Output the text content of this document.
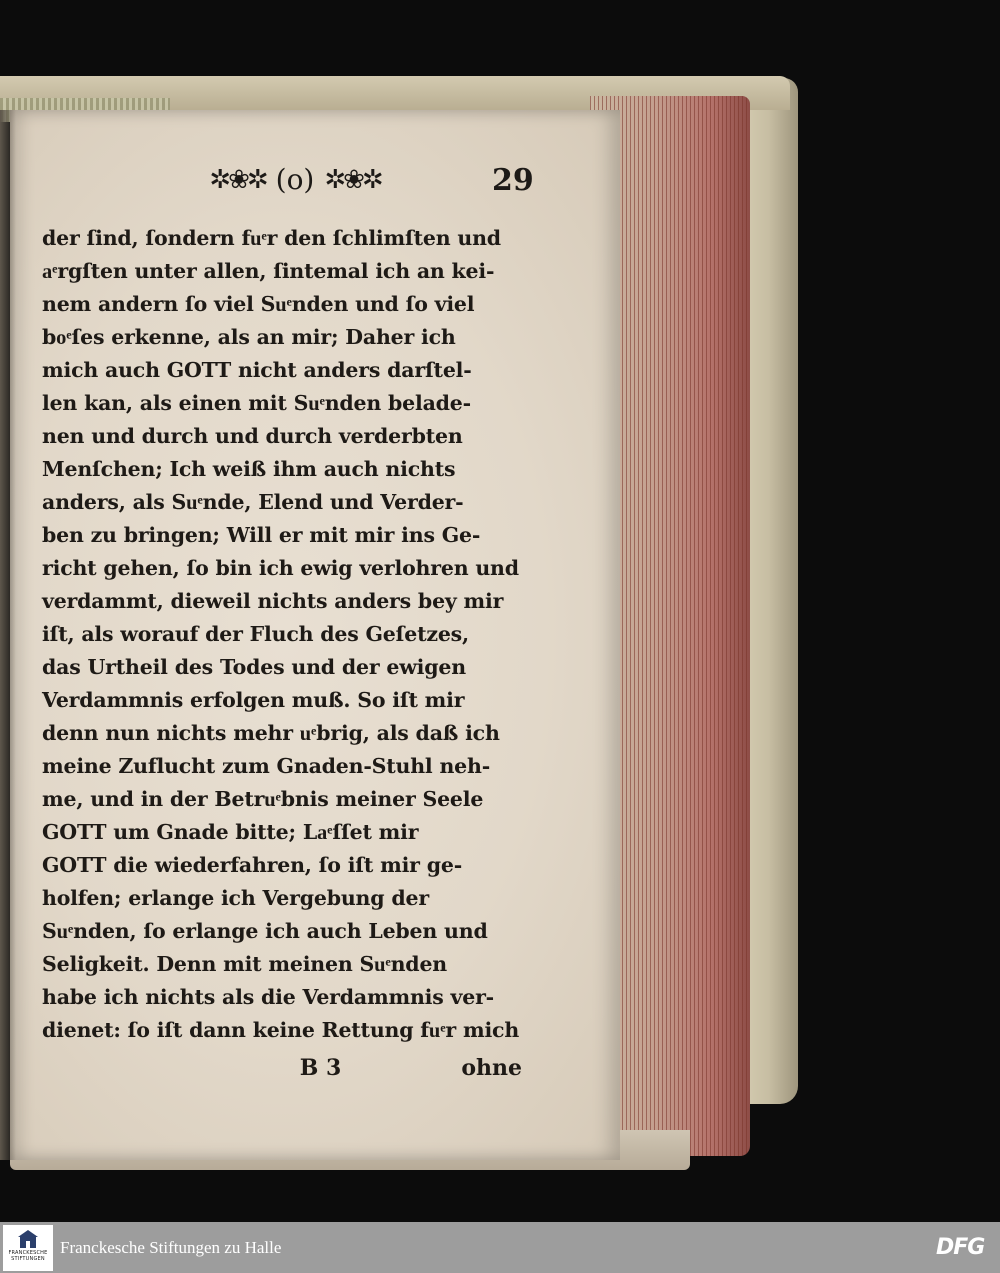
✲❀✲ (o) ✲❀✲	29
der ſind, ſondern fuͤr den ſchlimſten und
aͤrgſten unter allen, ſintemal ich an kei-
nem andern ſo viel Suͤnden und ſo viel
boͤſes erkenne, als an mir; Daher ich
mich auch GOTT nicht anders darſtel-
len kan, als einen mit Suͤnden belade-
nen und durch und durch verderbten
Menſchen; Ich weiß ihm auch nichts
anders, als Suͤnde, Elend und Verder-
ben zu bringen; Will er mit mir ins Ge-
richt gehen, ſo bin ich ewig verlohren und
verdammt, dieweil nichts anders bey mir
iſt, als worauf der Fluch des Geſetzes,
das Urtheil des Todes und der ewigen
Verdammnis erfolgen muß. So iſt mir
denn nun nichts mehr uͤbrig, als daß ich
meine Zuflucht zum Gnaden-Stuhl neh-
me, und in der Betruͤbnis meiner Seele
GOTT um Gnade bitte; Laͤſſet mir
GOTT die wiederfahren, ſo iſt mir ge-
holfen; erlange ich Vergebung der
Suͤnden, ſo erlange ich auch Leben und
Seligkeit. Denn mit meinen Suͤnden
habe ich nichts als die Verdammnis ver-
dienet: ſo iſt dann keine Rettung fuͤr mich
B 3	ohne
FRANCKESCHE
STIFTUNGEN
Franckesche Stiftungen zu Halle	DFG
